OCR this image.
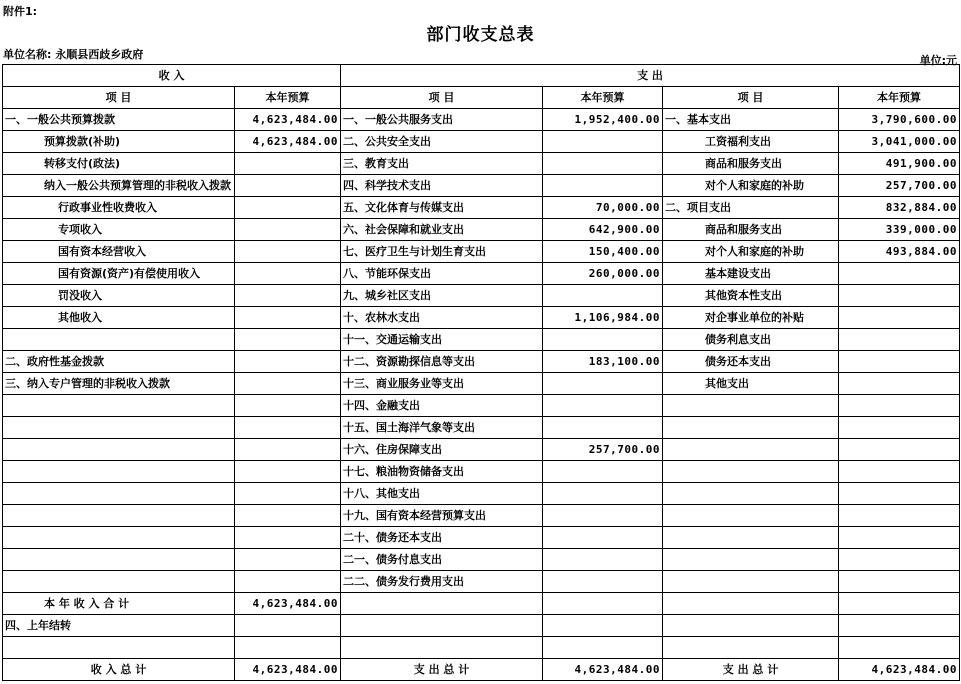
附件1:
部门收支总表
单位名称: 永顺县西歧乡政府	单位:元
收 入		支 出			
项 目	本年预算	项 目	本年预算	项 目	本年预算
一、一般公共预算拨款	4,623,484.00	一、一般公共服务支出	1,952,400.00	一、基本支出	3,790,600.00
预算拨款(补助)	4,623,484.00	二、公共安全支出		工资福利支出	3,041,000.00
转移支付(政法)		三、教育支出		商品和服务支出	491,900.00
纳入一般公共预算管理的非税收入拨款		四、科学技术支出		对个人和家庭的补助	257,700.00
行政事业性收费收入		五、文化体育与传媒支出	70,000.00	二、项目支出	832,884.00
专项收入		六、社会保障和就业支出	642,900.00	商品和服务支出	339,000.00
国有资本经营收入		七、医疗卫生与计划生育支出	150,400.00	对个人和家庭的补助	493,884.00
国有资源(资产)有偿使用收入		八、节能环保支出	260,000.00	基本建设支出	
罚没收入		九、城乡社区支出		其他资本性支出	
其他收入		十、农林水支出	1,106,984.00	对企事业单位的补贴	
		十一、交通运输支出		债务利息支出	
二、政府性基金拨款		十二、资源勘探信息等支出	183,100.00	债务还本支出	
三、纳入专户管理的非税收入拨款		十三、商业服务业等支出		其他支出	
		十四、金融支出			
		十五、国土海洋气象等支出			
		十六、住房保障支出	257,700.00		
		十七、粮油物资储备支出			
		十八、其他支出			
		十九、国有资本经营预算支出			
		二十、债务还本支出			
		二一、债务付息支出			
		二二、债务发行费用支出			
本 年 收 入 合 计	4,623,484.00				
四、上年结转					

收 入 总 计	4,623,484.00	支 出 总 计	4,623,484.00	支 出 总 计	4,623,484.00
